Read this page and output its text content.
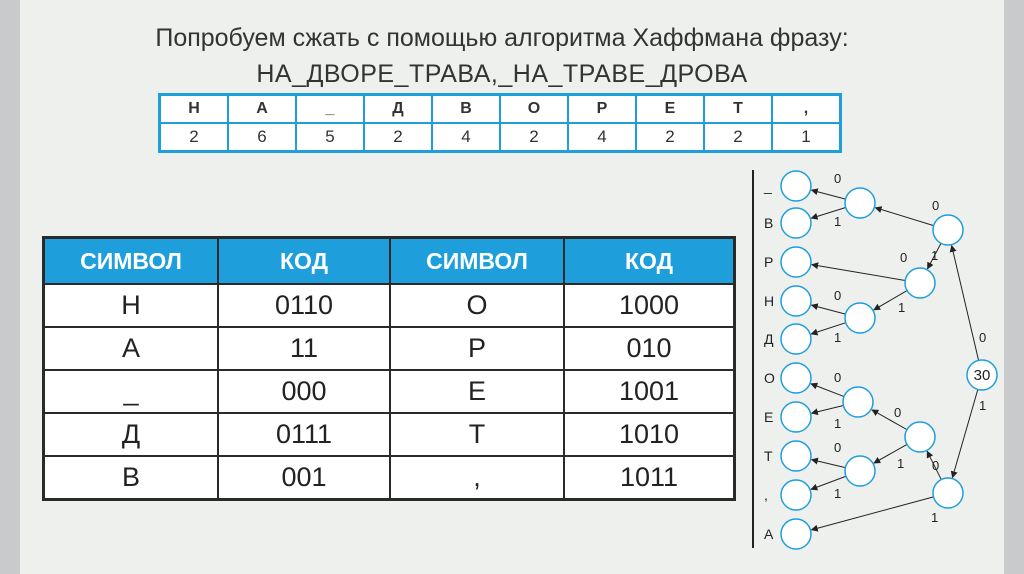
Попробуем сжать с помощью алгоритма Хаффмана фразу:
НА_ДВОРЕ_ТРАВА,_НА_ТРАВЕ_ДРОВА
Н	А	_	Д	В	О	Р	Е	Т	,
2	6	5	2	4	2	4	2	2	1
СИМВОЛ	КОД	СИМВОЛ	КОД
Н	0110	О	1000
А	11	Р	010
_	000	Е	1001
Д	0111	Т	1010
В	001	,	1011
0
1
0
1
0
1
0
1
0
1
0
1
0
1
0
1
0
1
_
В
Р
Н
Д
О
Е
Т
,
А
30
